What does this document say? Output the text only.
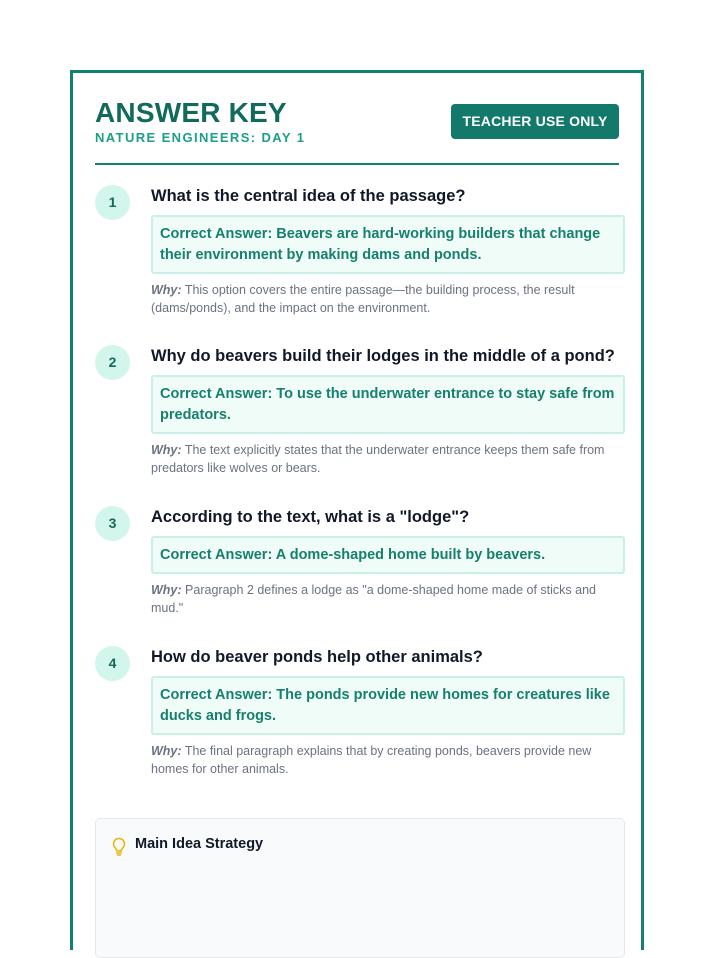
ANSWER KEY
NATURE ENGINEERS: DAY 1
TEACHER USE ONLY
1	What is the central idea of the passage?
Correct Answer: Beavers are hard-working builders that change
their environment by making dams and ponds.
Why: This option covers the entire passage—the building process, the result (dams/ponds), and the impact on the environment.
2	Why do beavers build their lodges in the middle of a pond?
Correct Answer: To use the underwater entrance to stay safe from
predators.
Why: The text explicitly states that the underwater entrance keeps them safe from predators like wolves or bears.
3	According to the text, what is a "lodge"?
Correct Answer: A dome-shaped home built by beavers.
Why: Paragraph 2 defines a lodge as "a dome-shaped home made of sticks and mud."
4	How do beaver ponds help other animals?
Correct Answer: The ponds provide new homes for creatures like
ducks and frogs.
Why: The final paragraph explains that by creating ponds, beavers provide new homes for other animals.
Main Idea Strategy
